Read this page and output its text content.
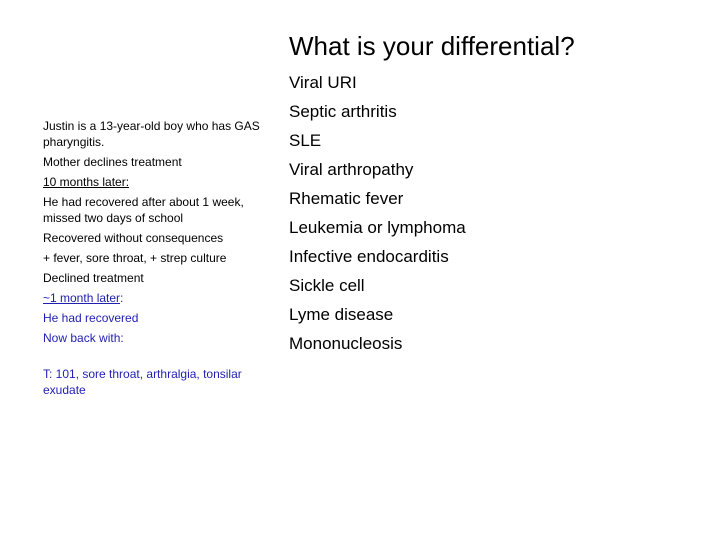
Justin is a 13-year-old boy who has GAS pharyngitis.

Mother declines treatment

10 months later:

He had recovered after about 1 week, missed two days of school

Recovered without consequences

+ fever, sore throat, + strep culture

Declined treatment

~1 month later:

He had recovered

Now back with:

T: 101, sore throat, arthralgia, tonsilar exudate

What is your differential?
Viral URI
Septic arthritis
SLE
Viral arthropathy
Rhematic fever
Leukemia or lymphoma
Infective endocarditis
Sickle cell
Lyme disease
Mononucleosis
